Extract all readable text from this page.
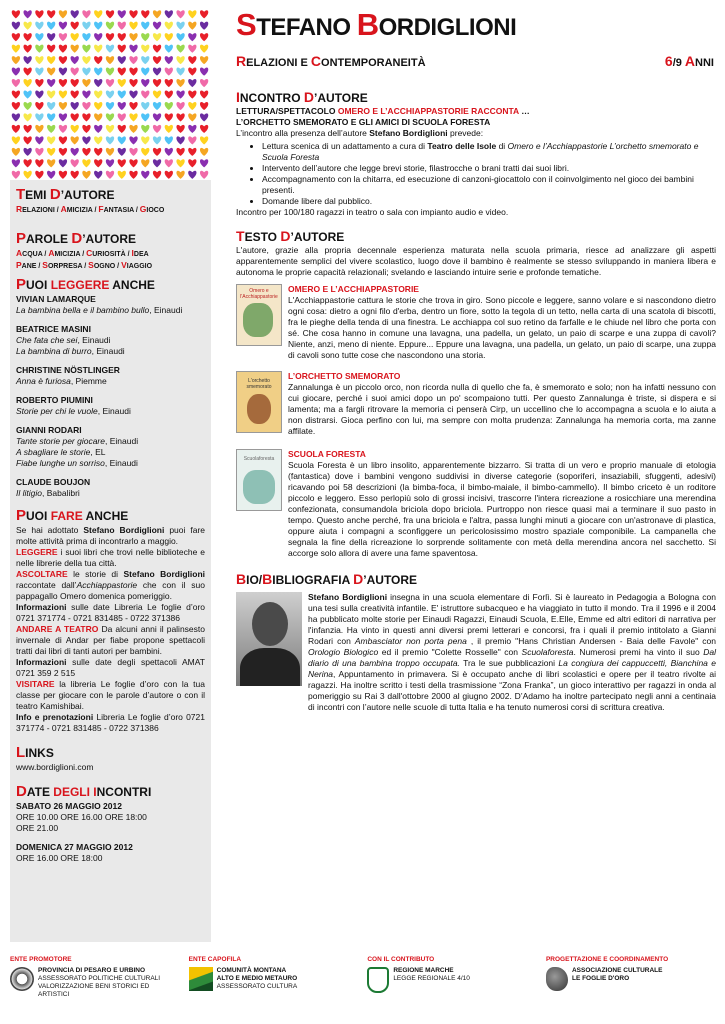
STEFANO BORDIGLIONI
RELAZIONI E CONTEMPORANEITÀ	6/9 ANNI
INCONTRO D’AUTORE
LETTURA/SPETTACOLO OMERO E L’ACCHIAPPASTORIE RACCONTA …
L’ORCHETTO SMEMORATO E GLI AMICI DI SCUOLA FORESTA
L’incontro alla presenza dell’autore Stefano Bordiglioni prevede:
• Lettura scenica di un adattamento a cura di Teatro delle Isole di Omero e l’Acchiappastorie L’orchetto smemorato e Scuola Foresta
• Intervento dell’autore che legge brevi storie, filastrocche o brani tratti dai suoi libri.
• Accompagnamento con la chitarra, ed esecuzione di canzoni-giocattolo con il coinvolgimento nel gioco dei bambini presenti.
• Domande libere dal pubblico.
Incontro per 100/180 ragazzi in teatro o sala con impianto audio e video.
TESTO D’AUTORE
L'autore, grazie alla propria decennale esperienza maturata nella scuola primaria, riesce ad analizzare gli aspetti apparentemente semplici del vivere scolastico, luogo dove il bambino è realmente se stesso sviluppando in maniera libera e autonoma le proprie capacità relazionali; svelando e lasciando intuire serie e profonde tematiche.
Omero e l'Acchiappastorie
OMERO E L’ACCHIAPPASTORIE
L'Acchiappastorie cattura le storie che trova in giro. Sono piccole e leggere, sanno volare e si nascondono dietro ogni cosa: dietro a ogni filo d'erba, dentro un fiore, sotto la tegola di un tetto, nella carta di una scatola di biscotti, fra le pieghe della tenda di una finestra. Le acchiappa col suo retino da farfalle e le chiude nel libro che porta con sé. Che cosa hanno in comune una lavagna, una padella, un gelato, un paio di scarpe e una zuppa di cavoli? Niente, anzi, meno di niente. Eppure... Eppure una lavagna, una padella, un gelato, un paio di scarpe, una zuppa di cavoli sono tutte cose che nascondono una storia.
L'orchetto smemorato
L’ORCHETTO SMEMORATO
Zannalunga è un piccolo orco, non ricorda nulla di quello che fa, è smemorato e solo; non ha infatti nessuno con cui giocare, perché i suoi amici dopo un po' scompaiono tutti. Per questo Zannalunga è triste, si dispera e si lamenta; ma a fargli ritrovare la memoria ci penserà Cirp, un uccellino che lo accompagna a scuola e lo aiuta a non distrarsi. Gioca perfino con lui, ma sempre con molta prudenza: Zannalunga ha memoria corta, ma zanne affilate.
Scuolaforesta	SCUOLA FORESTA
Scuola Foresta è un libro insolito, apparentemente bizzarro. Si tratta di un vero e proprio manuale di etologia (fantastica) dove i bambini vengono suddivisi in diverse categorie (soporiferi, insaziabili, sfuggenti, adesivi) ricavando poi 58 descrizioni (la bimba-foca, il bimbo-maiale, il bimbo-cammello). Il bimbo criceto è un roditore piccolo e leggero. Esso perlopiù solo di grossi incisivi, trascorre l'intera ricreazione a rosicchiare una merendina confezionata, consumandola briciola dopo briciola. Purtroppo non riesce quasi mai a terminare il suo pasto in tempo. Questo anche perché, fra una briciola e l'altra, passa lunghi minuti a giocare con un'astronave di plastica, oppure aiuta i compagni a sconfiggere un pericolosissimo mostro spaziale componibile. La campanella che segnala la fine della ricreazione lo sorprende solitamente con metà della merendina ancora nel sacchetto. Si accorge solo allora di avere una fame spaventosa.
BIO/BIBLIOGRAFIA D’AUTORE
Stefano Bordiglioni insegna in una scuola elementare di Forlì. Si è laureato in Pedagogia a Bologna con una tesi sulla creatività infantile. E' istruttore subacqueo e ha viaggiato in tutto il mondo. Tra il 1996 e il 2004 ha pubblicato molte storie per Einaudi Ragazzi, Einaudi Scuola, E.Elle, Emme ed altri editori di narrativa per l'infanzia. Ha vinto in questi anni diversi premi letterari e concorsi, fra i quali il premio intitolato a Gianni Rodari con Ambasciator non porta pena , il premio "Hans Christian Andersen - Baia delle Favole" con Orologio Biologico ed il premio "Colette Rosselle" con Scuolaforesta. Numerosi premi ha vinto il suo Dal diario di una bambina troppo occupata. Tra le sue pubblicazioni La congiura dei cappuccetti, Bianchina e Nerina, Appuntamento in primavera. Si è occupato anche di libri scolastici e opere per il teatro rivolte ai ragazzi. Ha inoltre scritto i testi della trasmissione “Zona Franka”, un gioco interattivo per ragazzi in onda al pomeriggio su Rai 3 dall'ottobre 2000 al giugno 2002. D’Adamo ha inoltre partecipato negli anni a centinaia di incontri con l’autore nelle scuole di tutta Italia e ha tenuto numerosi corsi di scrittura creativa.
TEMI D’AUTORE
RELAZIONI / AMICIZIA / FANTASIA / GIOCO
PAROLE D’AUTORE
ACQUA / AMICIZIA / CURIOSITÀ / IDEA
PANE / SORPRESA / SOGNO / VIAGGIO
PUOI LEGGERE ANCHE
VIVIAN LAMARQUE
La bambina bella e il bambino bullo, Einaudi
BEATRICE MASINI
Che fata che sei, Einaudi
La bambina di burro, Einaudi
CHRISTINE NÖSTLINGER
Anna è furiosa, Piemme
ROBERTO PIUMINI
Storie per chi le vuole, Einaudi
GIANNI RODARI
Tante storie per giocare, Einaudi
A sbagliare le storie, EL
Fiabe lunghe un sorriso, Einaudi
CLAUDE BOUJON
Il litigio, Babalibri
PUOI FARE ANCHE
Se hai adottato Stefano Bordiglioni puoi fare molte attività prima di incontrarlo a maggio.
LEGGERE i suoi libri che trovi nelle biblioteche e nelle librerie della tua città.
ASCOLTARE le storie di Stefano Bordiglioni raccontate dall’Acchiappastorie che con il suo pappagallo Omero domenica pomeriggio.
Informazioni sulle date Libreria Le foglie d’oro 0721 371774 - 0721 831485 - 0722 371386
ANDARE A TEATRO Da alcuni anni il palinsesto invernale di Andar per fiabe propone spettacoli tratti dai libri di tanti autori per bambini.
Informazioni sulle date degli spettacoli AMAT 0721 359 2 515
VISITARE la libreria Le foglie d’oro con la tua classe per giocare con le parole d’autore o con il teatro Kamishibai.
Info e prenotazioni Libreria Le foglie d’oro 0721 371774 - 0721 831485 - 0722 371386
LINKS
www.bordiglioni.com
DATE DEGLI INCONTRI
SABATO 26 MAGGIO 2012
ORE 10.00 ORE 16.00 ORE 18:00
ORE 21.00
DOMENICA 27 MAGGIO 2012
ORE 16.00 ORE 18:00
ENTE PROMOTORE
PROVINCIA DI PESARO E URBINO
ASSESSORATO POLITICHE CULTURALI
VALORIZZAZIONE BENI STORICI ED ARTISTICI
ENTE CAPOFILA
COMUNITÀ MONTANA
ALTO E MEDIO METAURO
ASSESSORATO CULTURA
CON IL CONTRIBUTO
REGIONE MARCHE
LEGGE REGIONALE 4/10
PROGETTAZIONE E COORDINAMENTO
ASSOCIAZIONE CULTURALE
LE FOGLIE D'ORO
